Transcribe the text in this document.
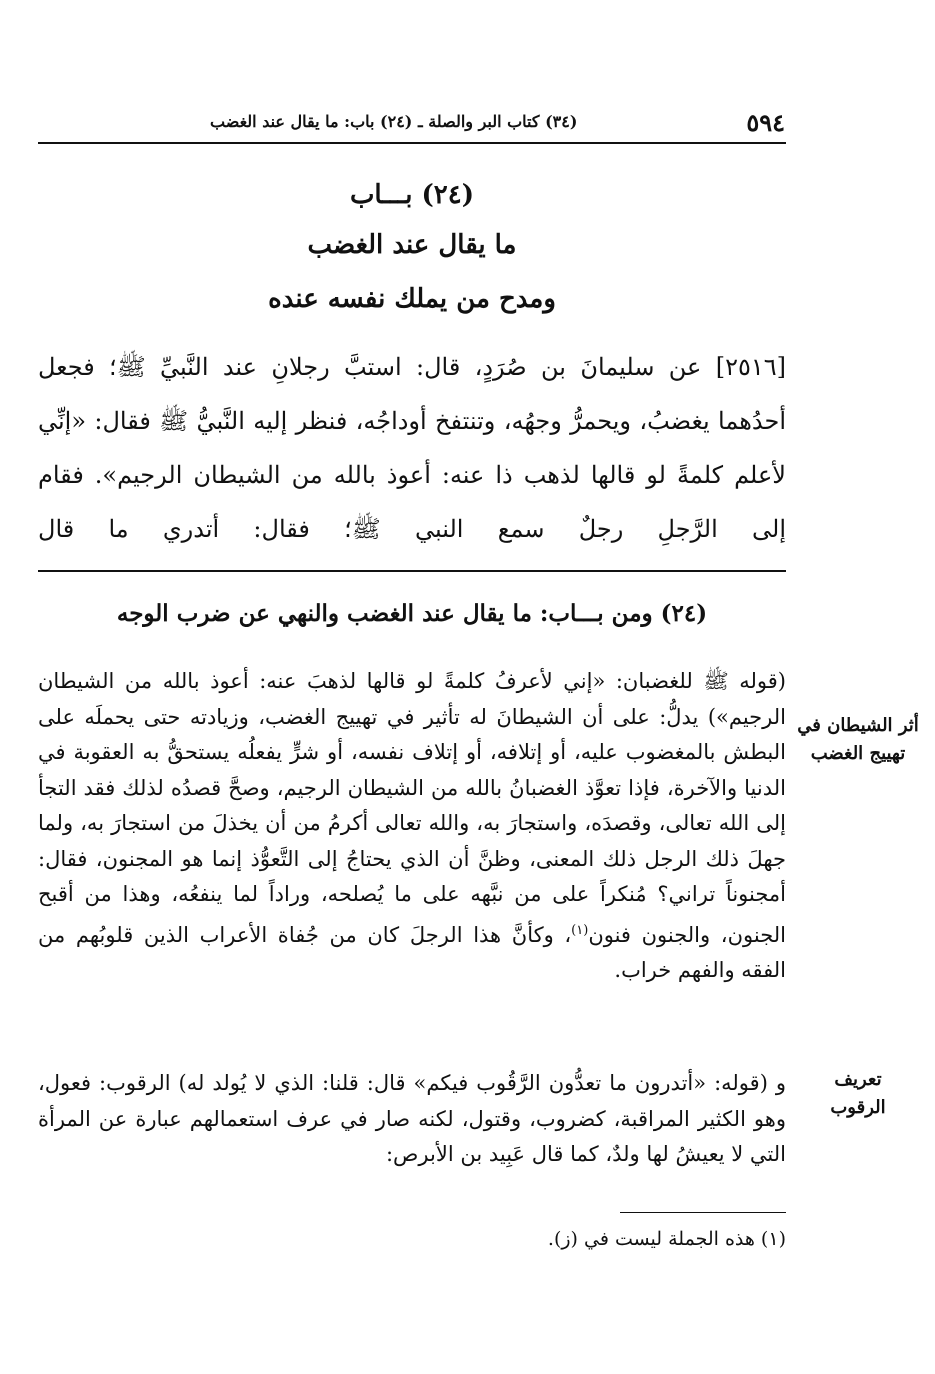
٥٩٤
(٣٤) كتاب البر والصلة ـ (٢٤) باب: ما يقال عند الغضب
(٢٤) بـــاب
ما يقال عند الغضب
ومدح من يملك نفسه عنده

[٢٥١٦] عن سليمانَ بن صُرَدٍ، قال: استبَّ رجلانِ عند النَّبيِّ ﷺ؛ فجعل أحدُهما يغضبُ، ويحمرُّ وجهُه، وتنتفخ أوداجُه، فنظر إليه النَّبيُّ ﷺ فقال: «إنِّي لأعلم كلمةً لو قالها لذهب ذا عنه: أعوذ بالله من الشيطان الرجيم». فقام إلى الرَّجلِ رجلٌ سمع النبي ﷺ؛ فقال: أتدري ما قال

(٢٤) ومن بـــاب: ما يقال عند الغضب والنهي عن ضرب الوجه

(قوله ﷺ للغضبان: «إني لأعرفُ كلمةً لو قالها لذهبَ عنه: أعوذ بالله من الشيطان الرجيم») يدلُّ: على أن الشيطانَ له تأثير في تهييج الغضب، وزيادته حتى يحملَه على البطش بالمغضوب عليه، أو إتلافه، أو إتلاف نفسه، أو شرٍّ يفعلُه يستحقُّ به العقوبة في الدنيا والآخرة، فإذا تعوَّذ الغضبانُ بالله من الشيطان الرجيم، وصحَّ قصدُه لذلك فقد التجأ إلى الله تعالى، وقصدَه، واستجارَ به، والله تعالى أكرمُ من أن يخذلَ من استجارَ به، ولما جهلَ ذلك الرجل ذلك المعنى، وظنَّ أن الذي يحتاجُ إلى التَّعوُّذ إنما هو المجنون، فقال: أمجنوناً تراني؟ مُنكراً على من نبَّهه على ما يُصلحه، وراداً لما ينفعُه، وهذا من أقبح الجنون، والجنون فنون$^{(١)}$، وكأنَّ هذا الرجلَ كان من جُفاة الأعراب الذين قلوبُهم من الفقه والفهم خراب.

أثر الشيطان في
تهييج الغضب

و (قوله: «أتدرون ما تعدُّون الرَّقُوب فيكم» قال: قلنا: الذي لا يُولد له) الرقوب: فعول، وهو الكثير المراقبة، كضروب، وقتول، لكنه صار في عرف استعمالهم عبارة عن المرأة التي لا يعيشُ لها ولدٌ، كما قال عَبِيد بن الأبرص:

تعريف
الرقوب
(١) هذه الجملة ليست في (ز).
